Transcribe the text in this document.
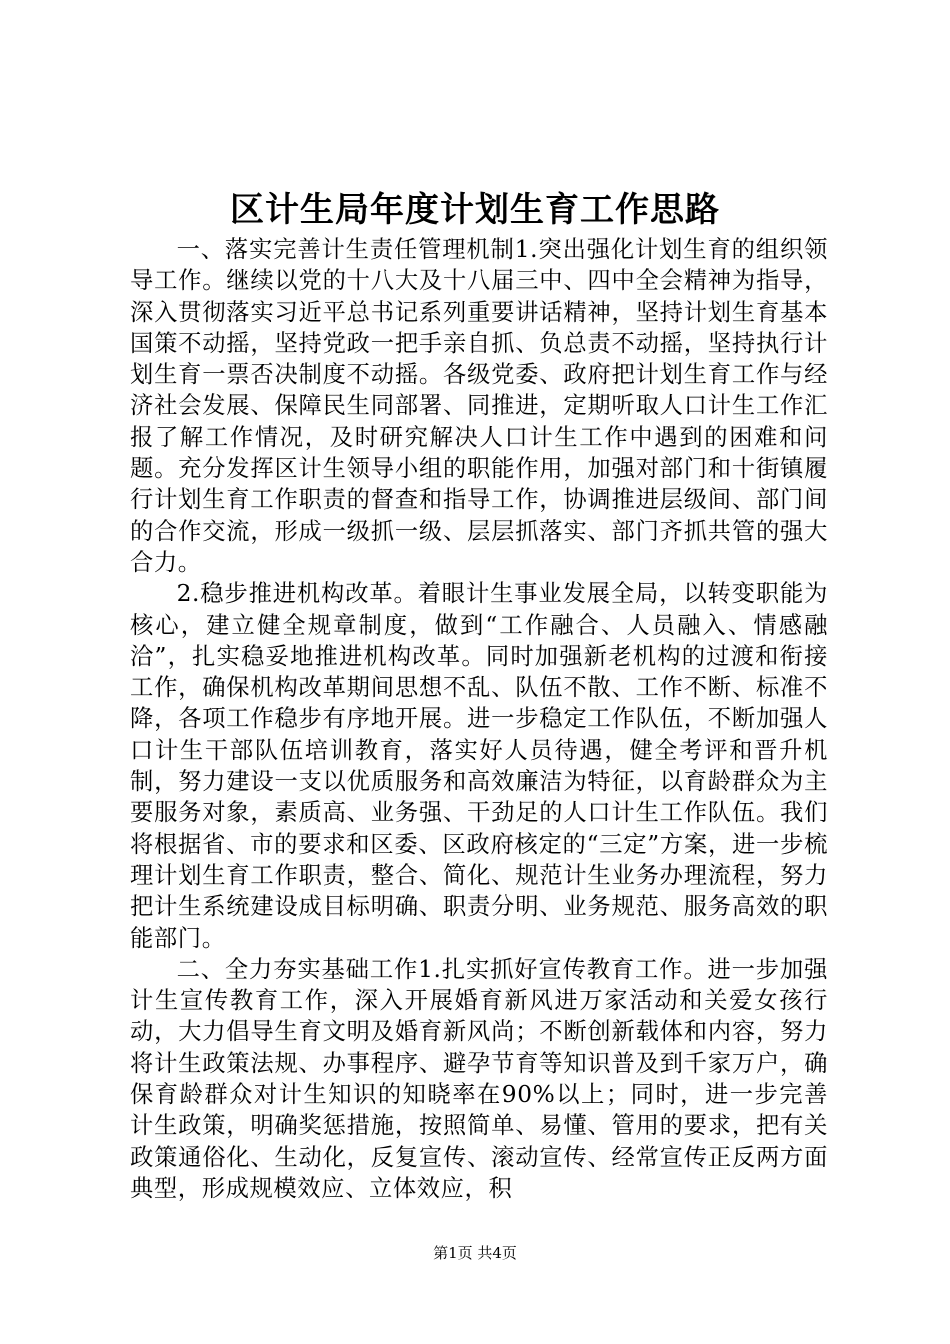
区计生局年度计划生育工作思路

一、落实完善计生责任管理机制1.突出强化计划生育的组织领导工作。继续以党的十八大及十八届三中、四中全会精神为指导，深入贯彻落实习近平总书记系列重要讲话精神，坚持计划生育基本国策不动摇，坚持党政一把手亲自抓、负总责不动摇，坚持执行计划生育一票否决制度不动摇。各级党委、政府把计划生育工作与经济社会发展、保障民生同部署、同推进，定期听取人口计生工作汇报了解工作情况，及时研究解决人口计生工作中遇到的困难和问题。充分发挥区计生领导小组的职能作用，加强对部门和十街镇履行计划生育工作职责的督查和指导工作，协调推进层级间、部门间的合作交流，形成一级抓一级、层层抓落实、部门齐抓共管的强大合力。

2.稳步推进机构改革。着眼计生事业发展全局，以转变职能为核心，建立健全规章制度，做到“工作融合、人员融入、情感融洽”，扎实稳妥地推进机构改革。同时加强新老机构的过渡和衔接工作，确保机构改革期间思想不乱、队伍不散、工作不断、标准不降，各项工作稳步有序地开展。进一步稳定工作队伍，不断加强人口计生干部队伍培训教育，落实好人员待遇，健全考评和晋升机制，努力建设一支以优质服务和高效廉洁为特征，以育龄群众为主要服务对象，素质高、业务强、干劲足的人口计生工作队伍。我们将根据省、市的要求和区委、区政府核定的“三定”方案，进一步梳理计划生育工作职责，整合、简化、规范计生业务办理流程，努力把计生系统建设成目标明确、职责分明、业务规范、服务高效的职能部门。

二、全力夯实基础工作1.扎实抓好宣传教育工作。进一步加强计生宣传教育工作，深入开展婚育新风进万家活动和关爱女孩行动，大力倡导生育文明及婚育新风尚；不断创新载体和内容，努力将计生政策法规、办事程序、避孕节育等知识普及到千家万户，确保育龄群众对计生知识的知晓率在90%以上；同时，进一步完善计生政策，明确奖惩措施，按照简单、易懂、管用的要求，把有关政策通俗化、生动化，反复宣传、滚动宣传、经常宣传正反两方面典型，形成规模效应、立体效应，积

第1页 共4页
